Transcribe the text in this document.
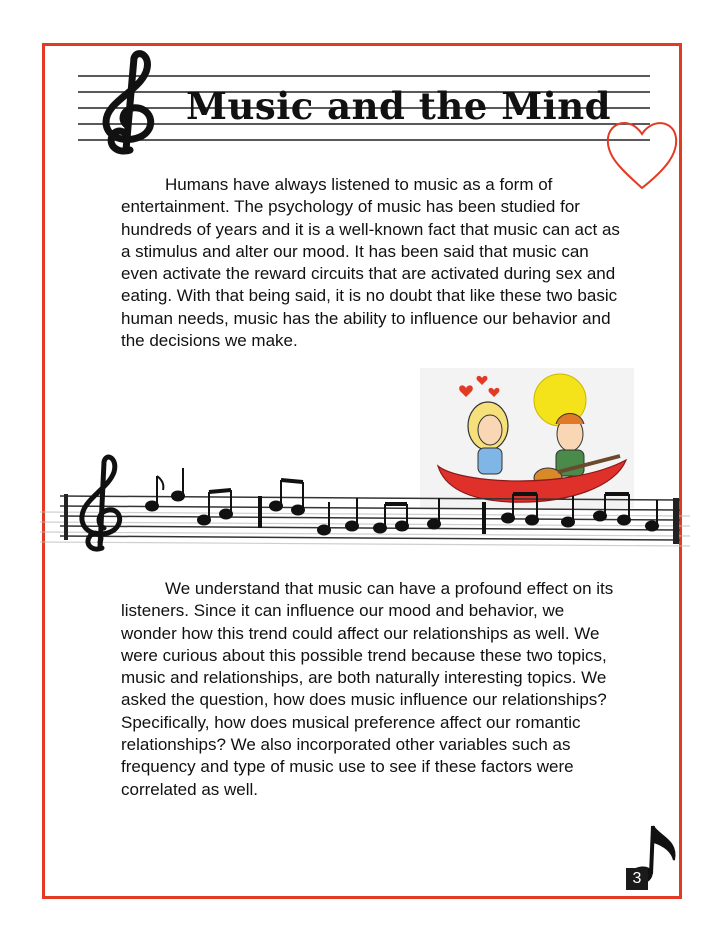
Music and the Mind

Humans have always listened to music as a form of entertainment. The psychology of music has been studied for hundreds of years and it is a well-known fact that music can act as a stimulus and alter our mood. It has been said that music can even activate the reward circuits that are activated during sex and eating. With that being said, it is no doubt that like these two basic human needs, music has the ability to influence our behavior and the decisions we make.

We understand that music can have a profound effect on its listeners. Since it can influence our mood and behavior, we wonder how this trend could affect our relationships as well. We were curious about this possible trend because these two topics, music and relationships, are both naturally interesting topics. We asked the question, how does music influence our relationships? Specifically, how does musical preference affect our romantic relationships? We also incorporated other variables such as frequency and type of music use to see if these factors were correlated as well.

3
